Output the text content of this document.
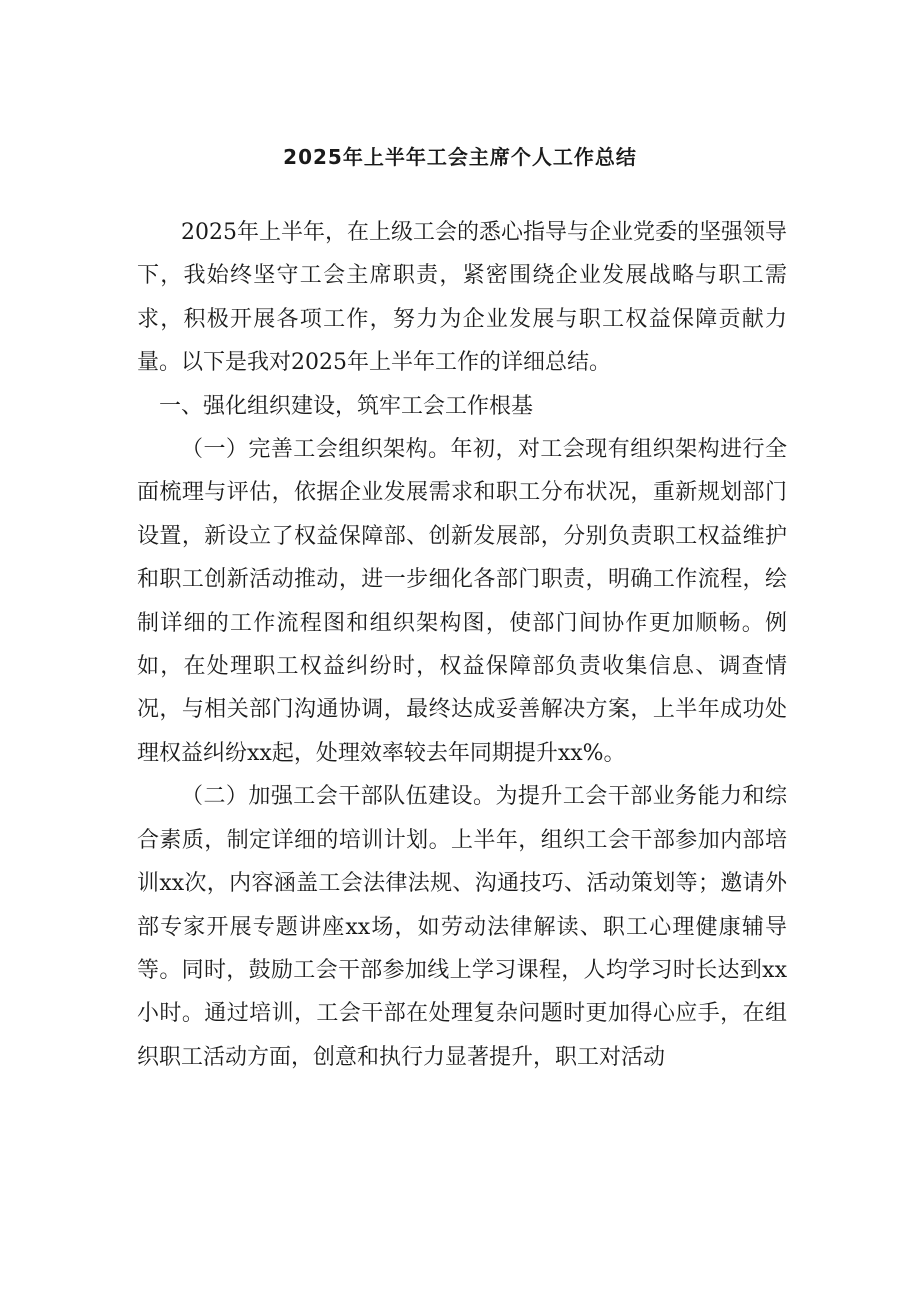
2025年上半年工会主席个人工作总结

2025年上半年，在上级工会的悉心指导与企业党委的坚强领导下，我始终坚守工会主席职责，紧密围绕企业发展战略与职工需求，积极开展各项工作，努力为企业发展与职工权益保障贡献力量。以下是我对2025年上半年工作的详细总结。

一、强化组织建设，筑牢工会工作根基

（一）完善工会组织架构。年初，对工会现有组织架构进行全面梳理与评估，依据企业发展需求和职工分布状况，重新规划部门设置，新设立了权益保障部、创新发展部，分别负责职工权益维护和职工创新活动推动，进一步细化各部门职责，明确工作流程，绘制详细的工作流程图和组织架构图，使部门间协作更加顺畅。例如，在处理职工权益纠纷时，权益保障部负责收集信息、调查情况，与相关部门沟通协调，最终达成妥善解决方案，上半年成功处理权益纠纷xx起，处理效率较去年同期提升xx%。

（二）加强工会干部队伍建设。为提升工会干部业务能力和综合素质，制定详细的培训计划。上半年，组织工会干部参加内部培训xx次，内容涵盖工会法律法规、沟通技巧、活动策划等；邀请外部专家开展专题讲座xx场，如劳动法律解读、职工心理健康辅导等。同时，鼓励工会干部参加线上学习课程，人均学习时长达到xx小时。通过培训，工会干部在处理复杂问题时更加得心应手，在组织职工活动方面，创意和执行力显著提升，职工对活动
